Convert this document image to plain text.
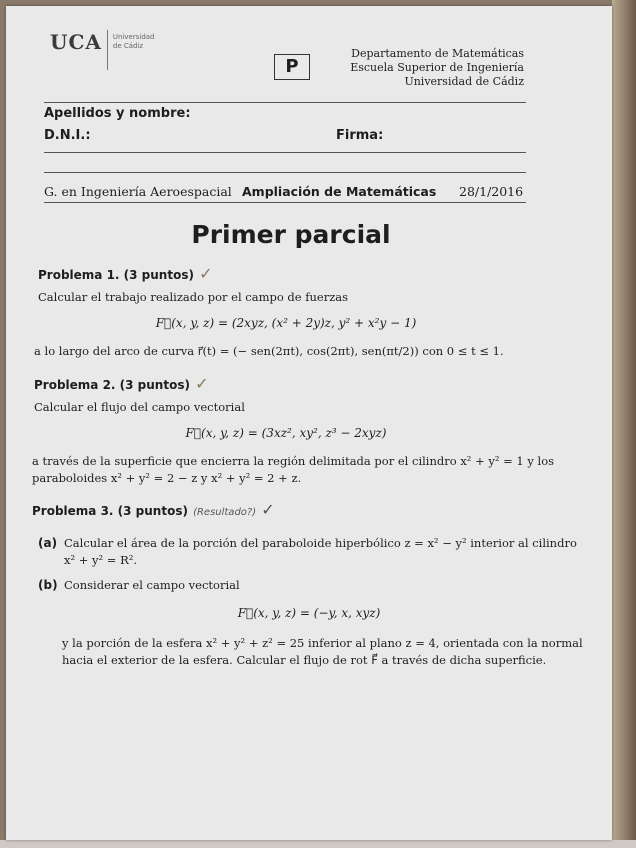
UCA Universidad
de Cádiz
P
Departamento de Matemáticas
Escuela Superior de Ingeniería
Universidad de Cádiz
Apellidos y nombre:
D.N.I.:	Firma:
G. en Ingeniería Aeroespacial Ampliación de Matemáticas 28/1/2016
Primer parcial
Problema 1. (3 puntos) ✓
Calcular el trabajo realizado por el campo de fuerzas
F⃗(x, y, z) = (2xyz, (x² + 2y)z, y² + x²y − 1)
a lo largo del arco de curva r⃗(t) = (− sen(2πt), cos(2πt), sen(πt/2)) con 0 ≤ t ≤ 1.
Problema 2. (3 puntos) ✓
Calcular el flujo del campo vectorial
F⃗(x, y, z) = (3xz², xy², z³ − 2xyz)
a través de la superficie que encierra la región delimitada por el cilindro x² + y² = 1 y los
paraboloides x² + y² = 2 − z y x² + y² = 2 + z.
Problema 3. (3 puntos) (Resultado?) ✓
(a) Calcular el área de la porción del paraboloide hiperbólico z = x² − y² interior al cilindro
x² + y² = R².
(b) Considerar el campo vectorial
F⃗(x, y, z) = (−y, x, xyz)
y la porción de la esfera x² + y² + z² = 25 inferior al plano z = 4, orientada con la normal
hacia el exterior de la esfera. Calcular el flujo de rot F⃗ a través de dicha superficie.
